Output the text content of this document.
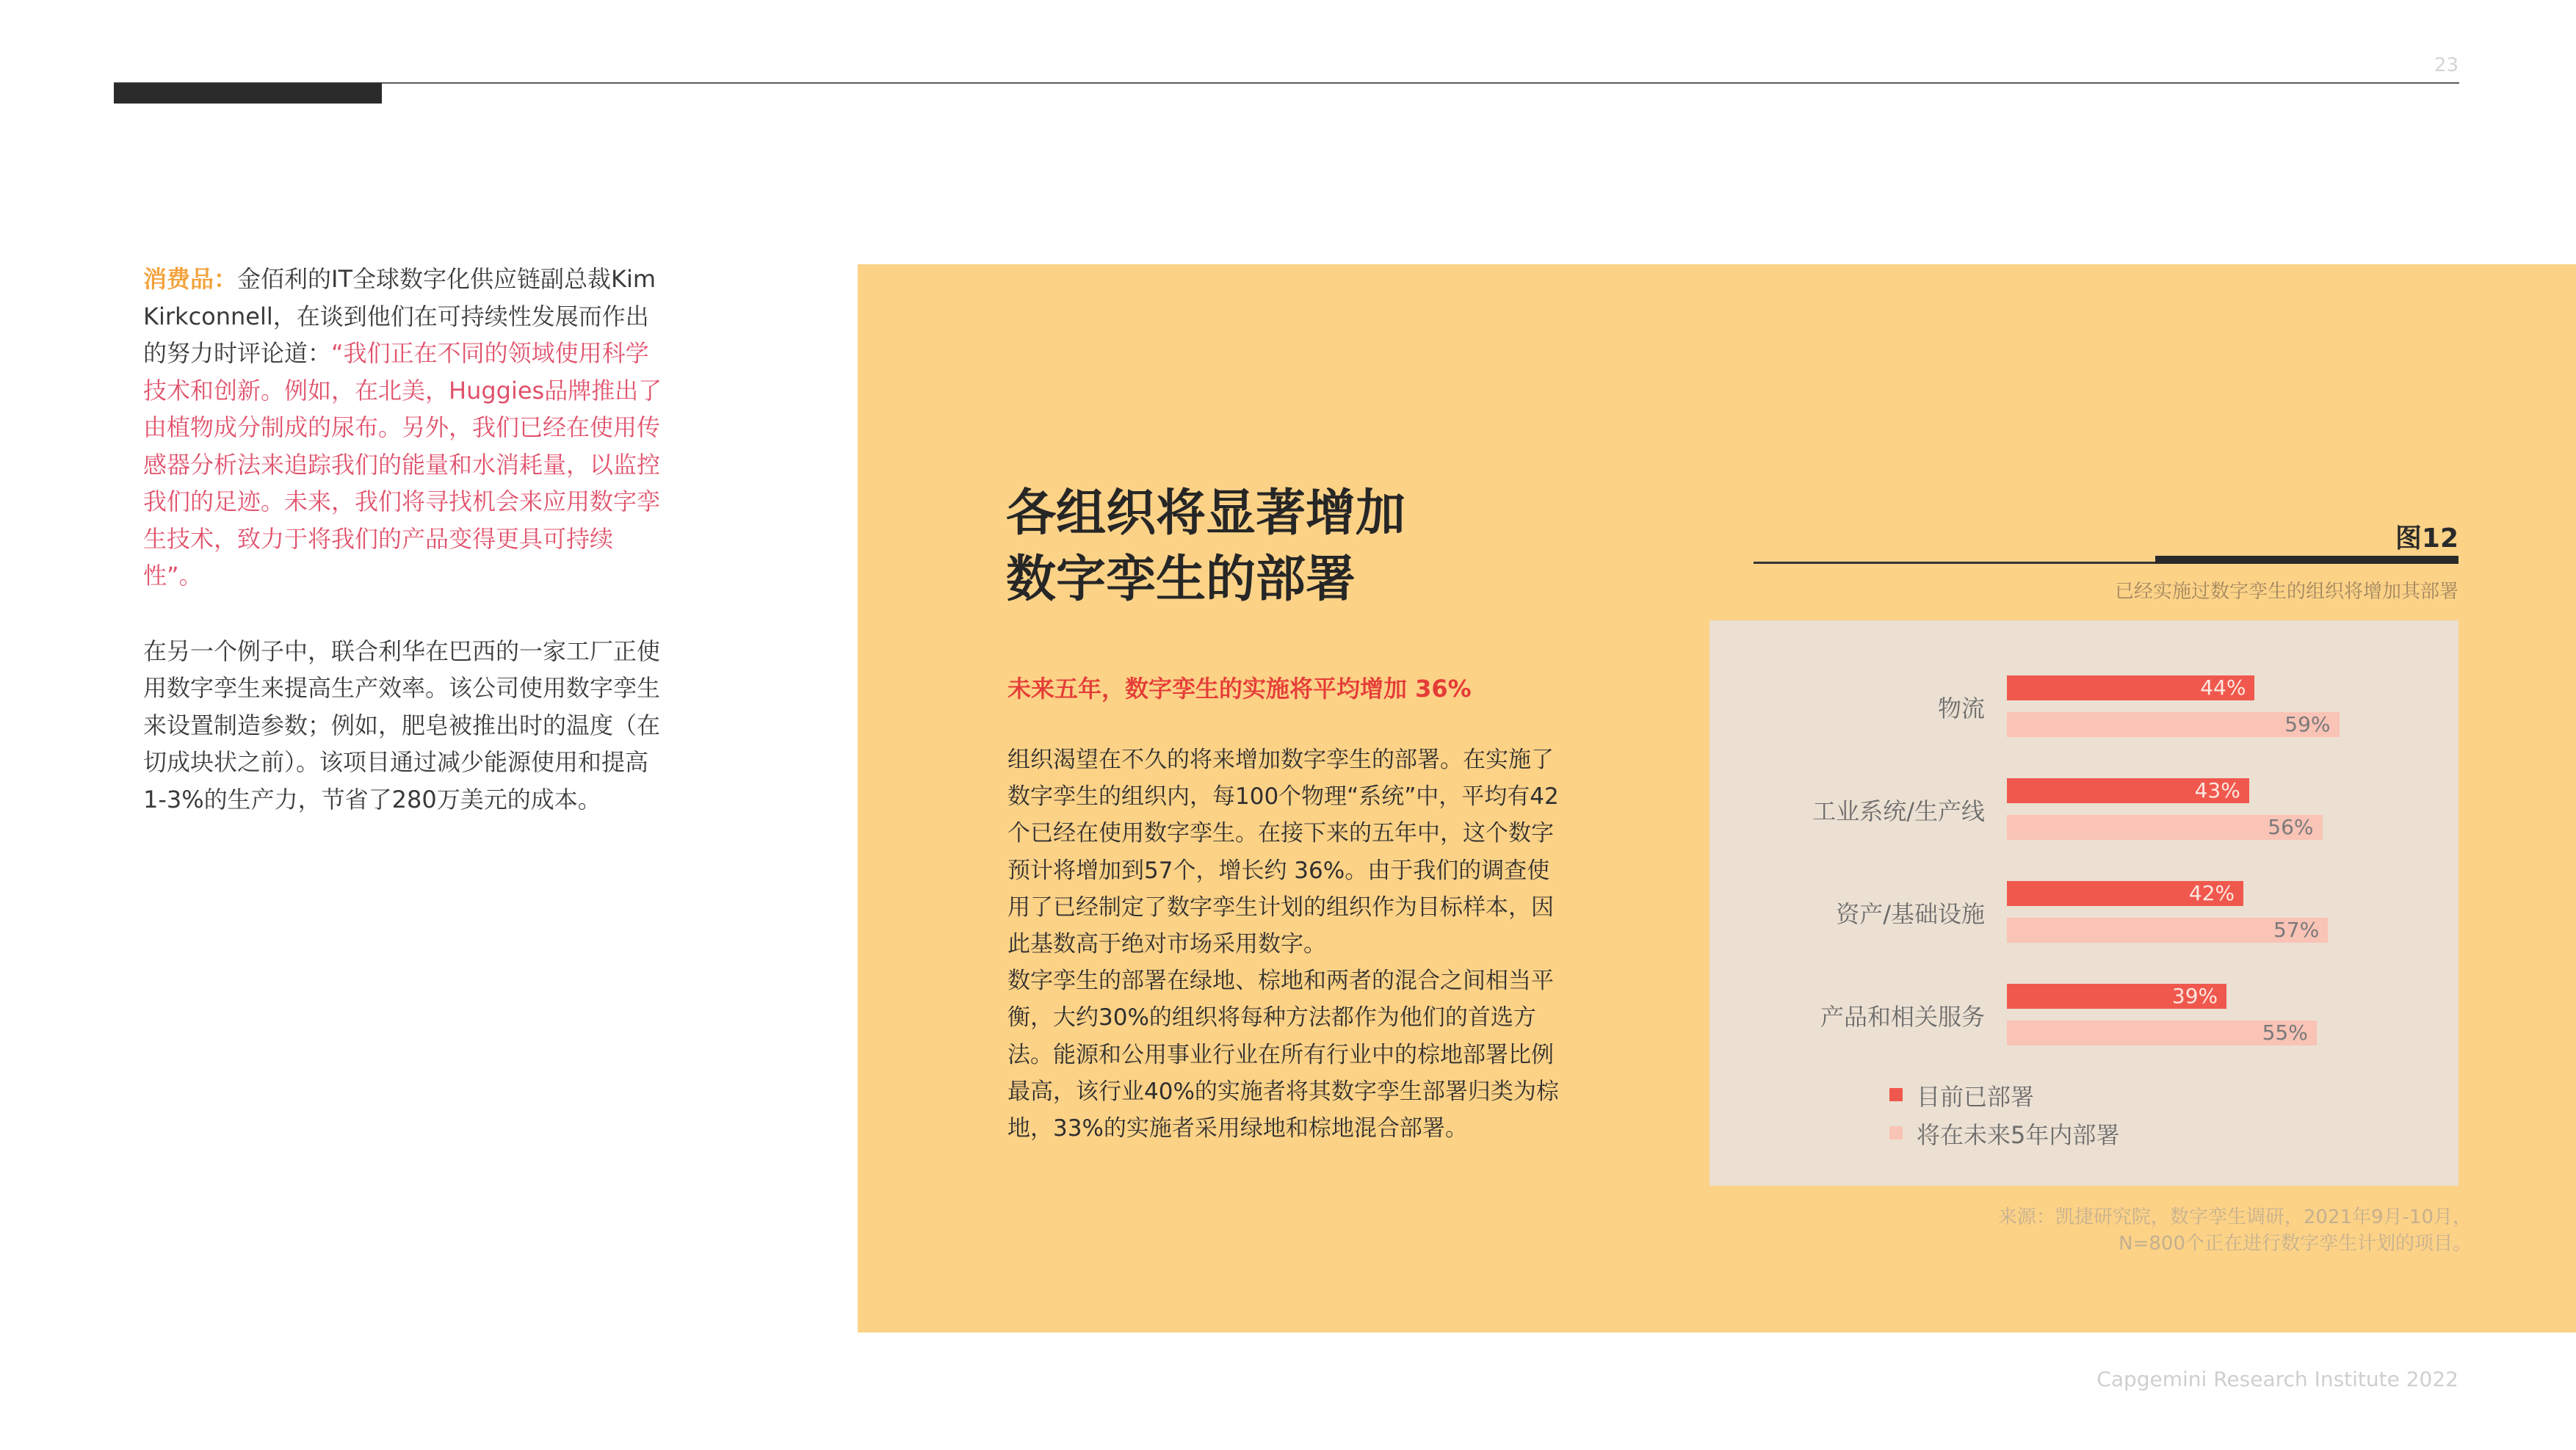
23

消费品：金佰利的IT全球数字化供应链副总裁Kim Kirkconnell，在谈到他们在可持续性发展而作出的努力时评论道：“我们正在不同的领域使用科学技术和创新。例如，在北美，Huggies品牌推出了由植物成分制成的尿布。另外，我们已经在使用传感器分析法来追踪我们的能量和水消耗量，以监控我们的足迹。未来，我们将寻找机会来应用数字孪生技术，致力于将我们的产品变得更具可持续性”。

在另一个例子中，联合利华在巴西的一家工厂正使用数字孪生来提高生产效率。该公司使用数字孪生来设置制造参数；例如，肥皂被推出时的温度（在切成块状之前）。该项目通过减少能源使用和提高1-3%的生产力，节省了280万美元的成本。

各组织将显著增加
数字孪生的部署
未来五年，数字孪生的实施将平均增加 36%

组织渴望在不久的将来增加数字孪生的部署。在实施了数字孪生的组织内，每100个物理“系统”中，平均有42个已经在使用数字孪生。在接下来的五年中，这个数字预计将增加到57个，增长约 36%。由于我们的调查使用了已经制定了数字孪生计划的组织作为目标样本，因此基数高于绝对市场采用数字。

数字孪生的部署在绿地、棕地和两者的混合之间相当平衡，大约30%的组织将每种方法都作为他们的首选方法。能源和公用事业行业在所有行业中的棕地部署比例最高，该行业40%的实施者将其数字孪生部署归类为棕地，33%的实施者采用绿地和棕地混合部署。

图12
已经实施过数字孪生的组织将增加其部署
物流
44%
59%
工业系统/生产线
43%
56%
资产/基础设施
42%
57%
产品和相关服务
39%
55%
目前已部署
将在未来5年内部署
来源：凯捷研究院，数字孪生调研，2021年9月-10月，
N=800个正在进行数字孪生计划的项目。
Capgemini Research Institute 2022
